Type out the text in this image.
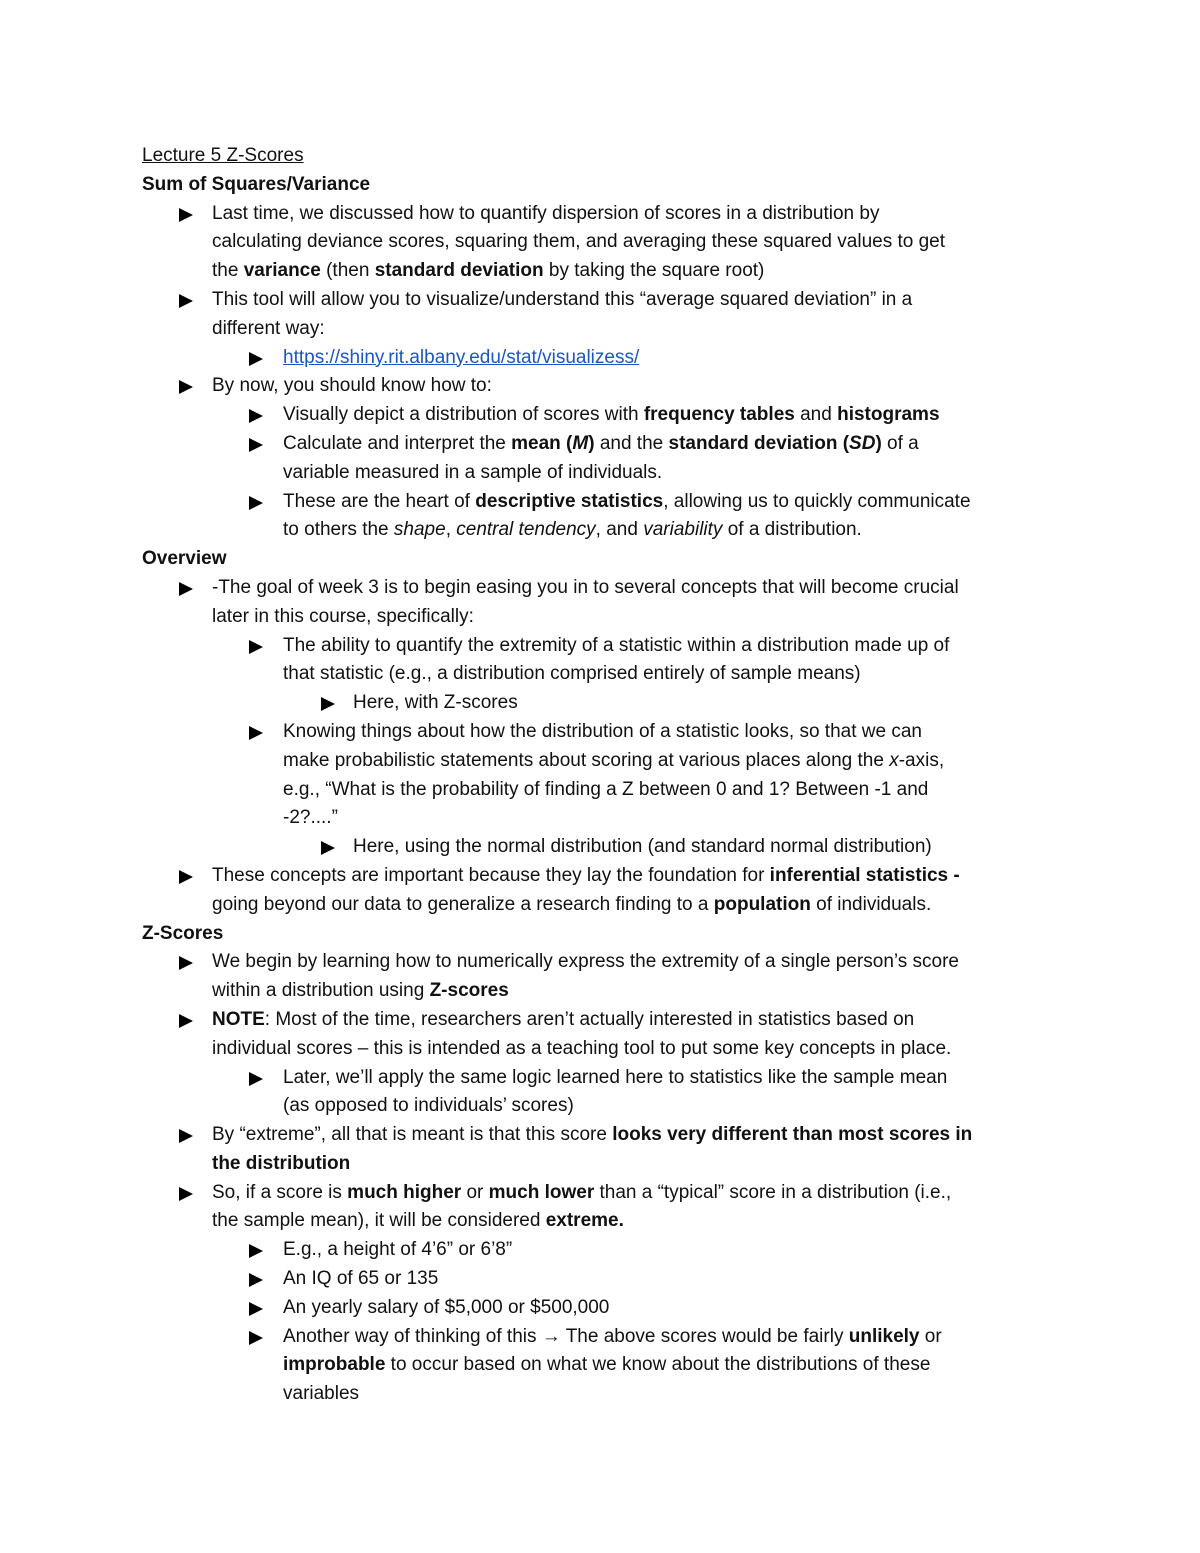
Lecture 5 Z-Scores
Sum of Squares/Variance
Last time, we discussed how to quantify dispersion of scores in a distribution by
calculating deviance scores, squaring them, and averaging these squared values to get
the variance (then standard deviation by taking the square root)
This tool will allow you to visualize/understand this “average squared deviation” in a
different way:
https://shiny.rit.albany.edu/stat/visualizess/
By now, you should know how to:
Visually depict a distribution of scores with frequency tables and histograms
Calculate and interpret the mean (M) and the standard deviation (SD) of a
variable measured in a sample of individuals.
These are the heart of descriptive statistics, allowing us to quickly communicate
to others the shape, central tendency, and variability of a distribution.
Overview
-The goal of week 3 is to begin easing you in to several concepts that will become crucial
later in this course, specifically:
The ability to quantify the extremity of a statistic within a distribution made up of
that statistic (e.g., a distribution comprised entirely of sample means)
Here, with Z-scores
Knowing things about how the distribution of a statistic looks, so that we can
make probabilistic statements about scoring at various places along the x-axis,
e.g., “What is the probability of finding a Z between 0 and 1? Between -1 and
-2?....”
Here, using the normal distribution (and standard normal distribution)
These concepts are important because they lay the foundation for inferential statistics -
going beyond our data to generalize a research finding to a population of individuals.
Z-Scores
We begin by learning how to numerically express the extremity of a single person’s score
within a distribution using Z-scores
NOTE: Most of the time, researchers aren’t actually interested in statistics based on
individual scores – this is intended as a teaching tool to put some key concepts in place.
Later, we’ll apply the same logic learned here to statistics like the sample mean
(as opposed to individuals’ scores)
By “extreme”, all that is meant is that this score looks very different than most scores in
the distribution
So, if a score is much higher or much lower than a “typical” score in a distribution (i.e.,
the sample mean), it will be considered extreme.
E.g., a height of 4’6” or 6’8”
An IQ of 65 or 135
An yearly salary of $5,000 or $500,000
Another way of thinking of this → The above scores would be fairly unlikely or
improbable to occur based on what we know about the distributions of these
variables
